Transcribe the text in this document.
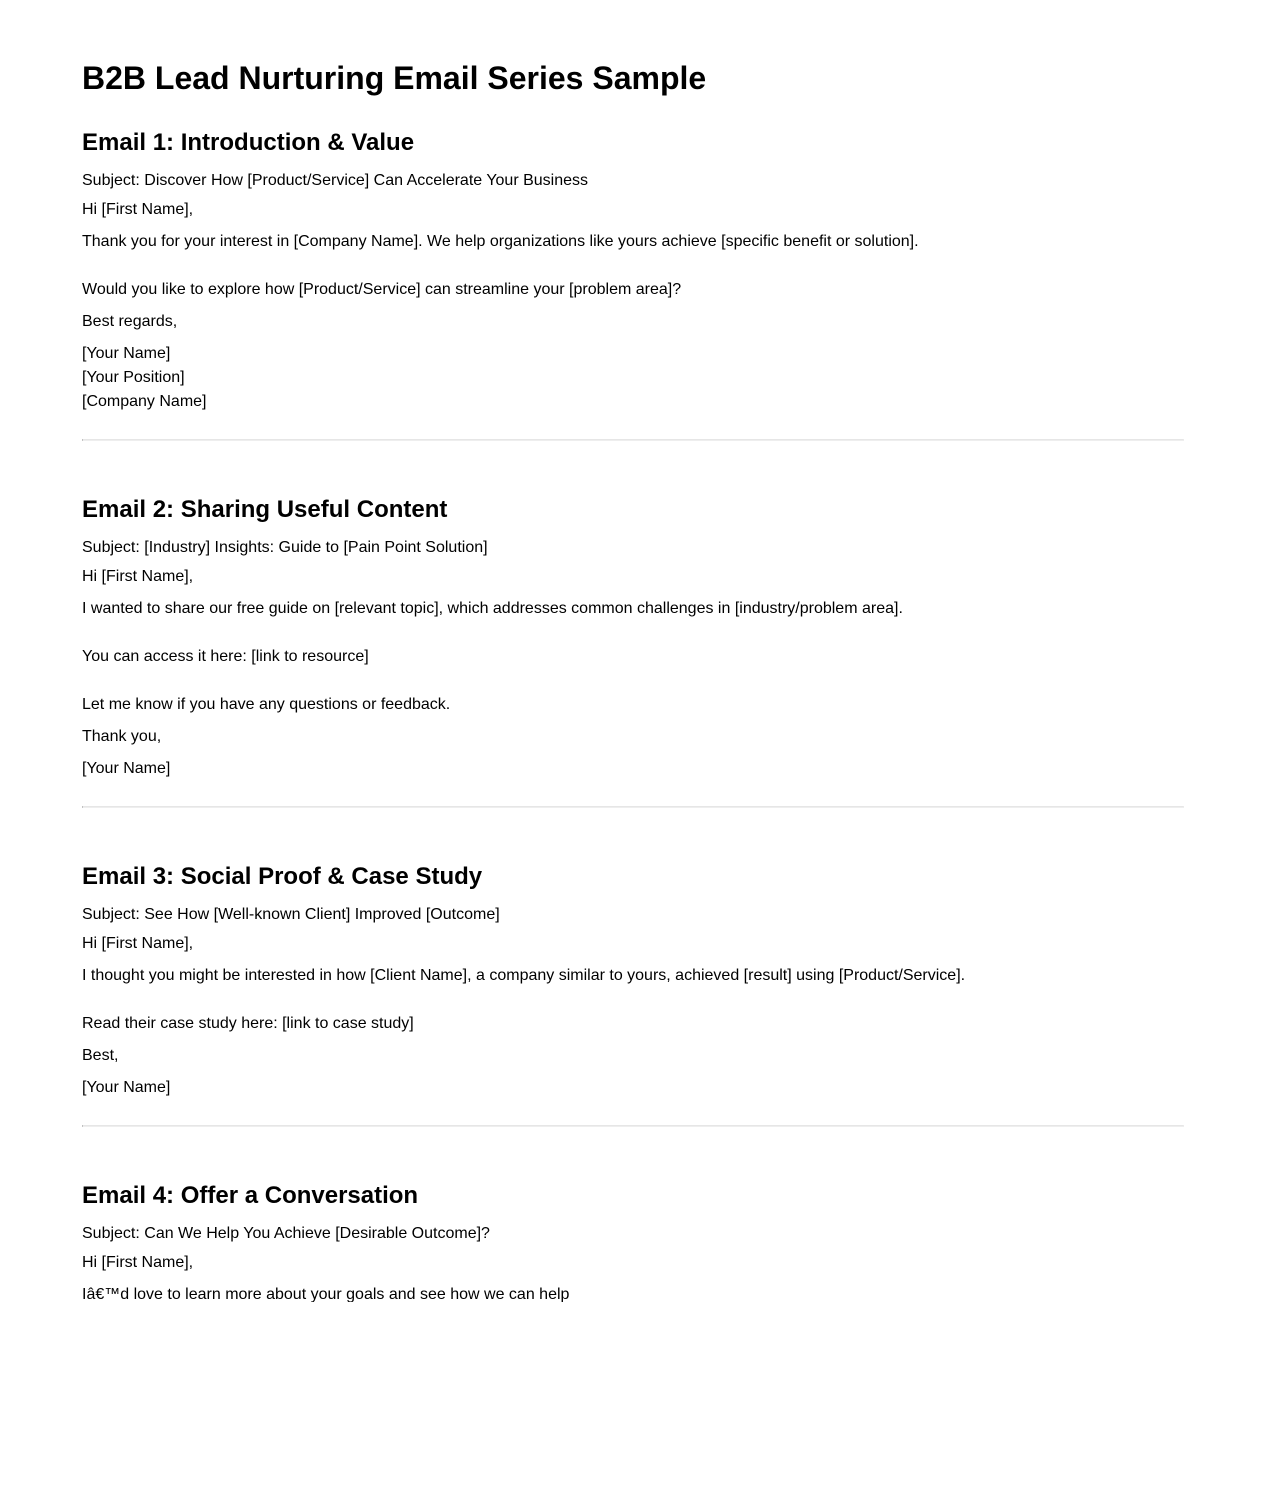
B2B Lead Nurturing Email Series Sample
Email 1: Introduction & Value
Subject: Discover How [Product/Service] Can Accelerate Your Business
Hi [First Name],
Thank you for your interest in [Company Name]. We help organizations like yours achieve [specific benefit or solution].
Would you like to explore how [Product/Service] can streamline your [problem area]?
Best regards,
[Your Name]
[Your Position]
[Company Name]
Email 2: Sharing Useful Content
Subject: [Industry] Insights: Guide to [Pain Point Solution]
Hi [First Name],
I wanted to share our free guide on [relevant topic], which addresses common challenges in [industry/problem area].
You can access it here: [link to resource]
Let me know if you have any questions or feedback.
Thank you,
[Your Name]
Email 3: Social Proof & Case Study
Subject: See How [Well-known Client] Improved [Outcome]
Hi [First Name],
I thought you might be interested in how [Client Name], a company similar to yours, achieved [result] using [Product/Service].
Read their case study here: [link to case study]
Best,
[Your Name]
Email 4: Offer a Conversation
Subject: Can We Help You Achieve [Desirable Outcome]?
Hi [First Name],
Iâ€™d love to learn more about your goals and see how we can help
